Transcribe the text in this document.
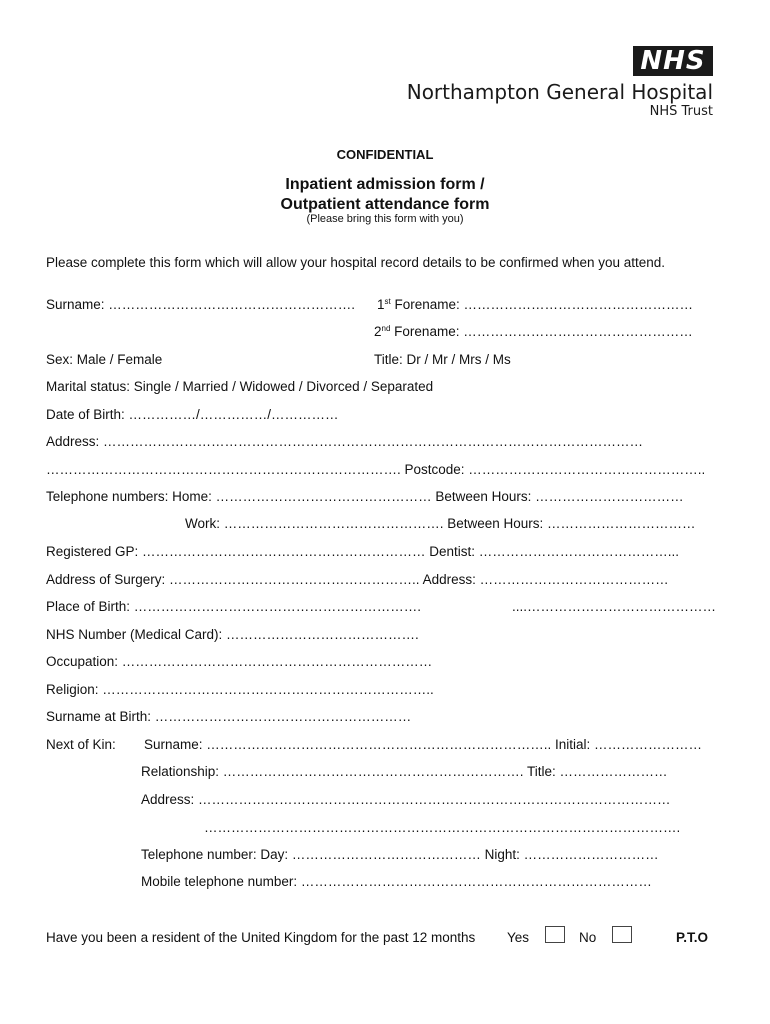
NHS
Northampton General Hospital
NHS Trust
CONFIDENTIAL
Inpatient admission form /
Outpatient attendance form
(Please bring this form with you)
Please complete this form which will allow your hospital record details to be confirmed when you attend.
Surname: ………………………………………………. 1st Forename: ……………………………………………
2nd Forename: ……………………………………………
Sex: Male / Female	Title: Dr / Mr / Mrs / Ms
Marital status: Single / Married / Widowed / Divorced / Separated
Date of Birth: ……………/……………/……………
Address: …………………………………………………………………………………………………………
……………………………………………………………………. Postcode: ……………………………………………..
Telephone numbers: Home: ………………………………………… Between Hours: ……………………………
Work: …………………………………………. Between Hours: ……………………………
Registered GP: ……………………………………………………… Dentist: ……………………………………...
Address of Surgery: ……………………………………………….. Address: ……………………………………
Place of Birth: ……………………………………………………….	....……………………………………
NHS Number (Medical Card): …………………………………….
Occupation: ……………………………………………………………
Religion: ………………………………………………………………..
Surname at Birth: …………………………………………………
Next of Kin: Surname: ………………………………………………………………….. Initial: ……………………
Relationship: …………………………………………………………. Title: ……………………
Address: ……………………………………………………………………………………………
…………………………………………………………………………………………….
Telephone number: Day: …………………………………… Night: …………………………
Mobile telephone number: ……………………………………………………………………
Have you been a resident of the United Kingdom for the past 12 months Yes	No	P.T.O
